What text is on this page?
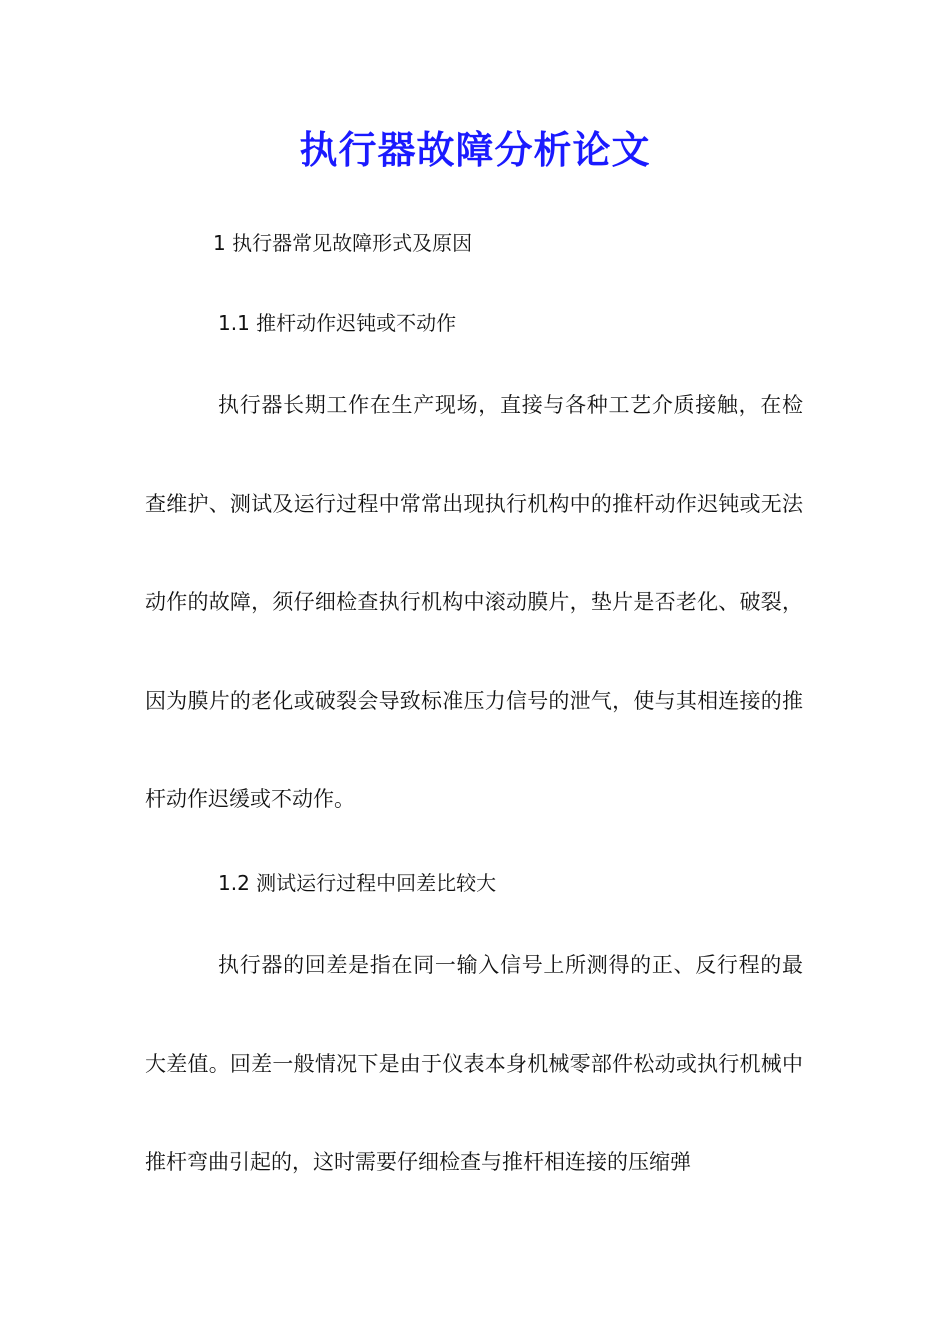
执行器故障分析论文
1 执行器常见故障形式及原因
1.1 推杆动作迟钝或不动作

执行器长期工作在生产现场，直接与各种工艺介质接触，在检查维护、测试及运行过程中常常出现执行机构中的推杆动作迟钝或无法动作的故障，须仔细检查执行机构中滚动膜片，垫片是否老化、破裂，因为膜片的老化或破裂会导致标准压力信号的泄气，使与其相连接的推杆动作迟缓或不动作。

1.2 测试运行过程中回差比较大

执行器的回差是指在同一输入信号上所测得的正、反行程的最大差值。回差一般情况下是由于仪表本身机械零部件松动或执行机械中推杆弯曲引起的，这时需要仔细检查与推杆相连接的压缩弹
